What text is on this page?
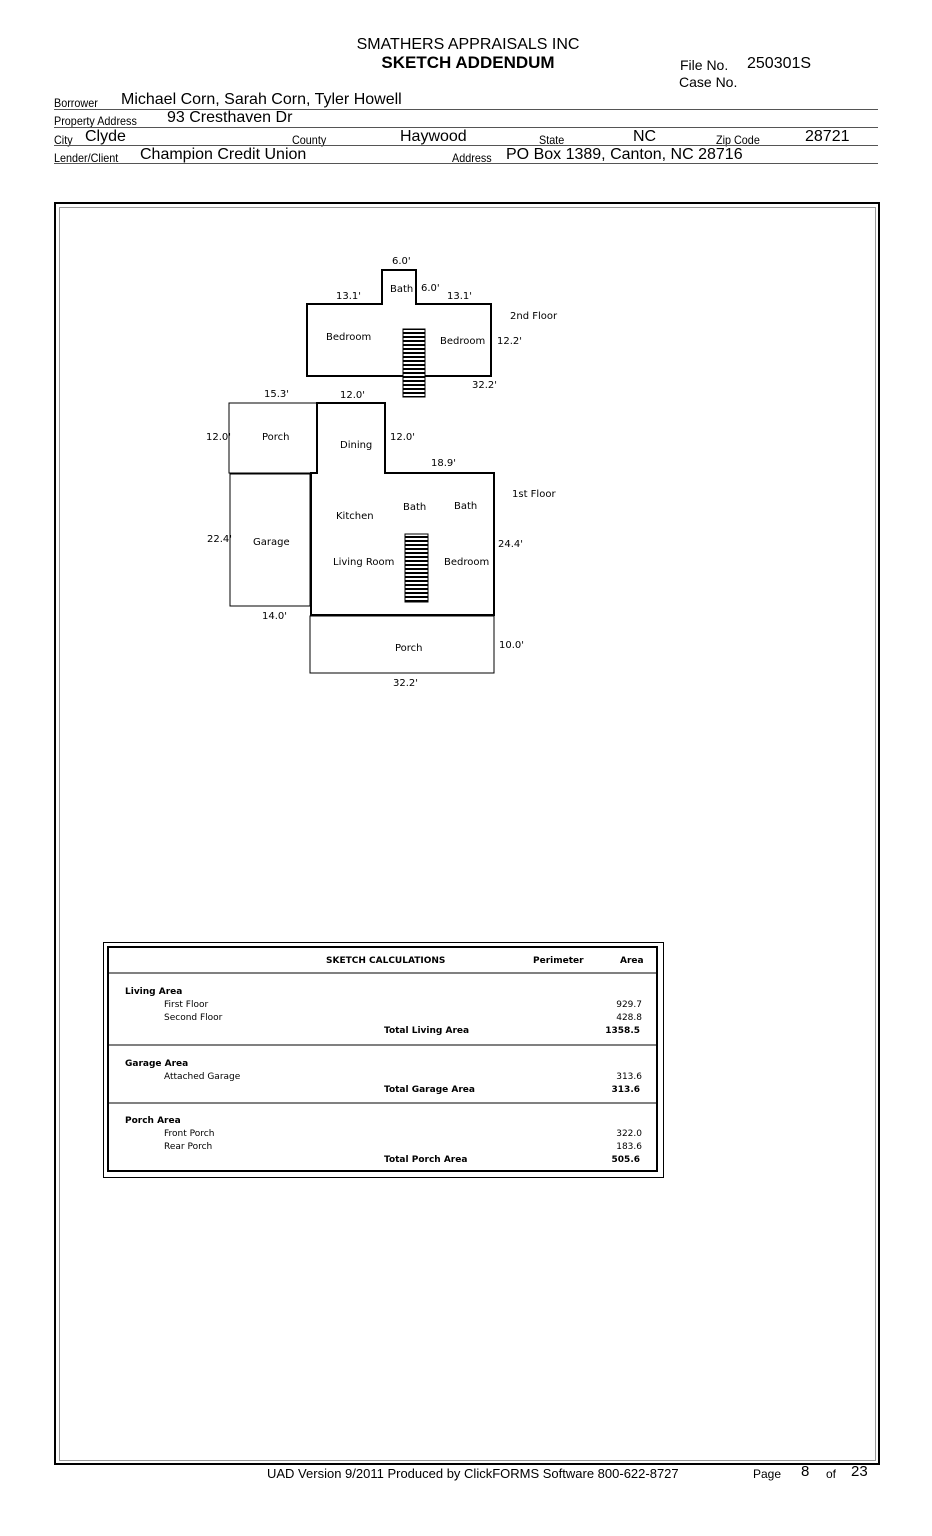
SMATHERS APPRAISALS INC
SKETCH ADDENDUM	File No. 250301S
Case No.
Borrower Michael Corn, Sarah Corn, Tyler Howell
Property Address 93 Cresthaven Dr
City Clyde	County	Haywood	State	NC	Zip Code	28721
Lender/Client Champion Credit Union	Address PO Box 1389, Canton, NC 28716
6.0'
Bath 6.0'
13.1'	13.1'
2nd Floor
Bedroom	Bedroom 12.2'
32.2'
15.3'	12.0'
12.0'	Porch	12.0'
Dining
18.9'
1st Floor
Bath	Bath
Kitchen
22.4' Garage	24.4'
Living Room	Bedroom
14.0'
10.0'
Porch
32.2'
SKETCH CALCULATIONS	Perimeter	Area
Living Area
First Floor	929.7
Second Floor	428.8
Total Living Area	1358.5
Garage Area
Attached Garage	313.6
Total Garage Area	313.6
Porch Area
Front Porch	322.0
Rear Porch	183.6
Total Porch Area	505.6
UAD Version 9/2011 Produced by ClickFORMS Software 800-622-8727	Page 8 of 23
